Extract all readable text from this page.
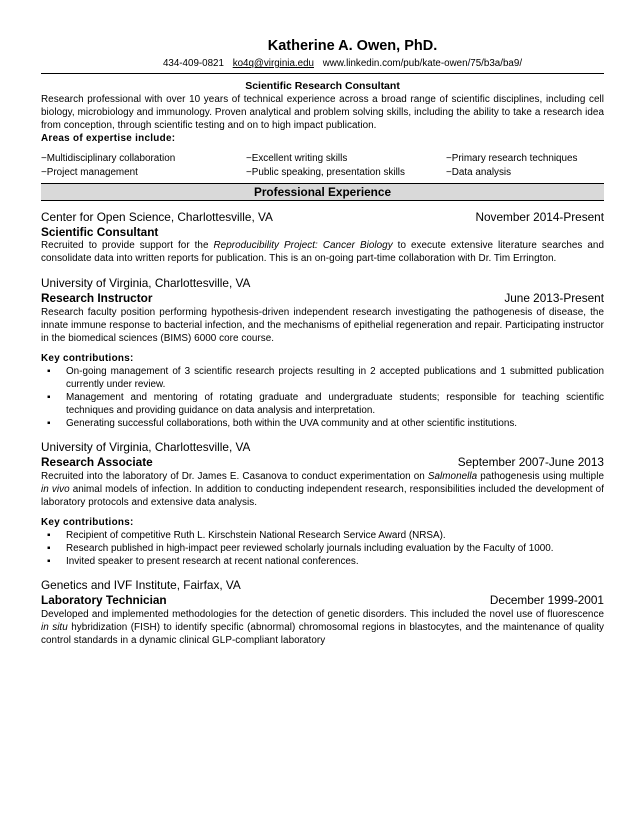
Katherine A. Owen, PhD.
434-409-0821 ko4q@virginia.edu www.linkedin.com/pub/kate-owen/75/b3a/ba9/
Scientific Research Consultant
Research professional with over 10 years of technical experience across a broad range of scientific disciplines, including cell biology, microbiology and immunology. Proven analytical and problem solving skills, including the ability to take a research idea from conception, through scientific testing and on to high impact publication.
Areas of expertise include:
−Multidisciplinary collaboration	−Excellent writing skills	−Primary research techniques
−Project management	−Public speaking, presentation skills	−Data analysis
Professional Experience
Center for Open Science, Charlottesville, VA	November 2014-Present
Scientific Consultant
Recruited to provide support for the Reproducibility Project: Cancer Biology to execute extensive literature searches and consolidate data into written reports for publication. This is an on-going part-time collaboration with Dr. Tim Errington.
University of Virginia, Charlottesville, VA
Research Instructor	June 2013-Present
Research faculty position performing hypothesis-driven independent research investigating the pathogenesis of disease, the innate immune response to bacterial infection, and the mechanisms of epithelial regeneration and repair. Participating instructor in the biomedical sciences (BIMS) 6000 core course.
Key contributions:
▪ On-going management of 3 scientific research projects resulting in 2 accepted publications and 1 submitted publication currently under review.
▪ Management and mentoring of rotating graduate and undergraduate students; responsible for teaching scientific techniques and providing guidance on data analysis and interpretation.
▪ Generating successful collaborations, both within the UVA community and at other scientific institutions.
University of Virginia, Charlottesville, VA
Research Associate	September 2007-June 2013
Recruited into the laboratory of Dr. James E. Casanova to conduct experimentation on Salmonella pathogenesis using multiple in vivo animal models of infection. In addition to conducting independent research, responsibilities included the development of laboratory protocols and extensive data analysis.
Key contributions:
▪ Recipient of competitive Ruth L. Kirschstein National Research Service Award (NRSA).
▪ Research published in high-impact peer reviewed scholarly journals including evaluation by the Faculty of 1000.
▪ Invited speaker to present research at recent national conferences.
Genetics and IVF Institute, Fairfax, VA
Laboratory Technician	December 1999-2001
Developed and implemented methodologies for the detection of genetic disorders. This included the novel use of fluorescence in situ hybridization (FISH) to identify specific (abnormal) chromosomal regions in blastocytes, and the maintenance of quality control standards in a dynamic clinical GLP-compliant laboratory
